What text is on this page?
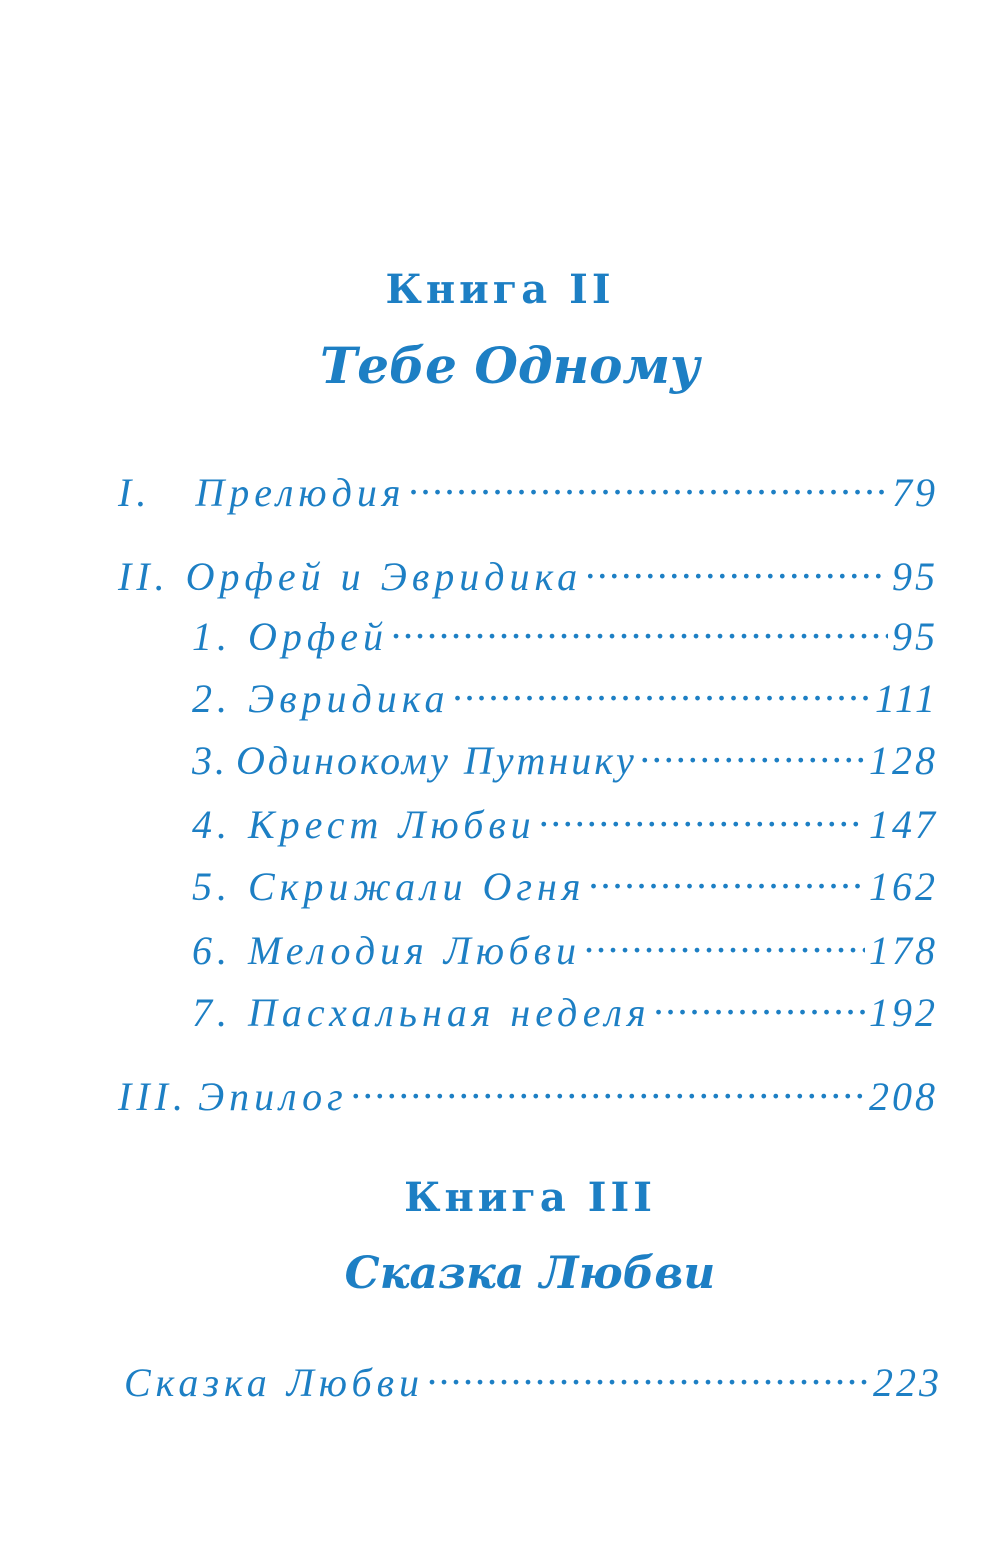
Книга II
Тебе Одному
I. Прелюдия .....	79
II. Орфей и Эвридика .....	95
1. Орфей .....	95
2. Эвридика .....	111
3. Одинокому Путнику .....	128
4. Крест Любви .....	147
5. Скрижали Огня .....	162
6. Мелодия Любви .....	178
7. Пасхальная неделя .....	192
III. Эпилог .....	208
Книга III
Сказка Любви
Сказка Любви .....	223
